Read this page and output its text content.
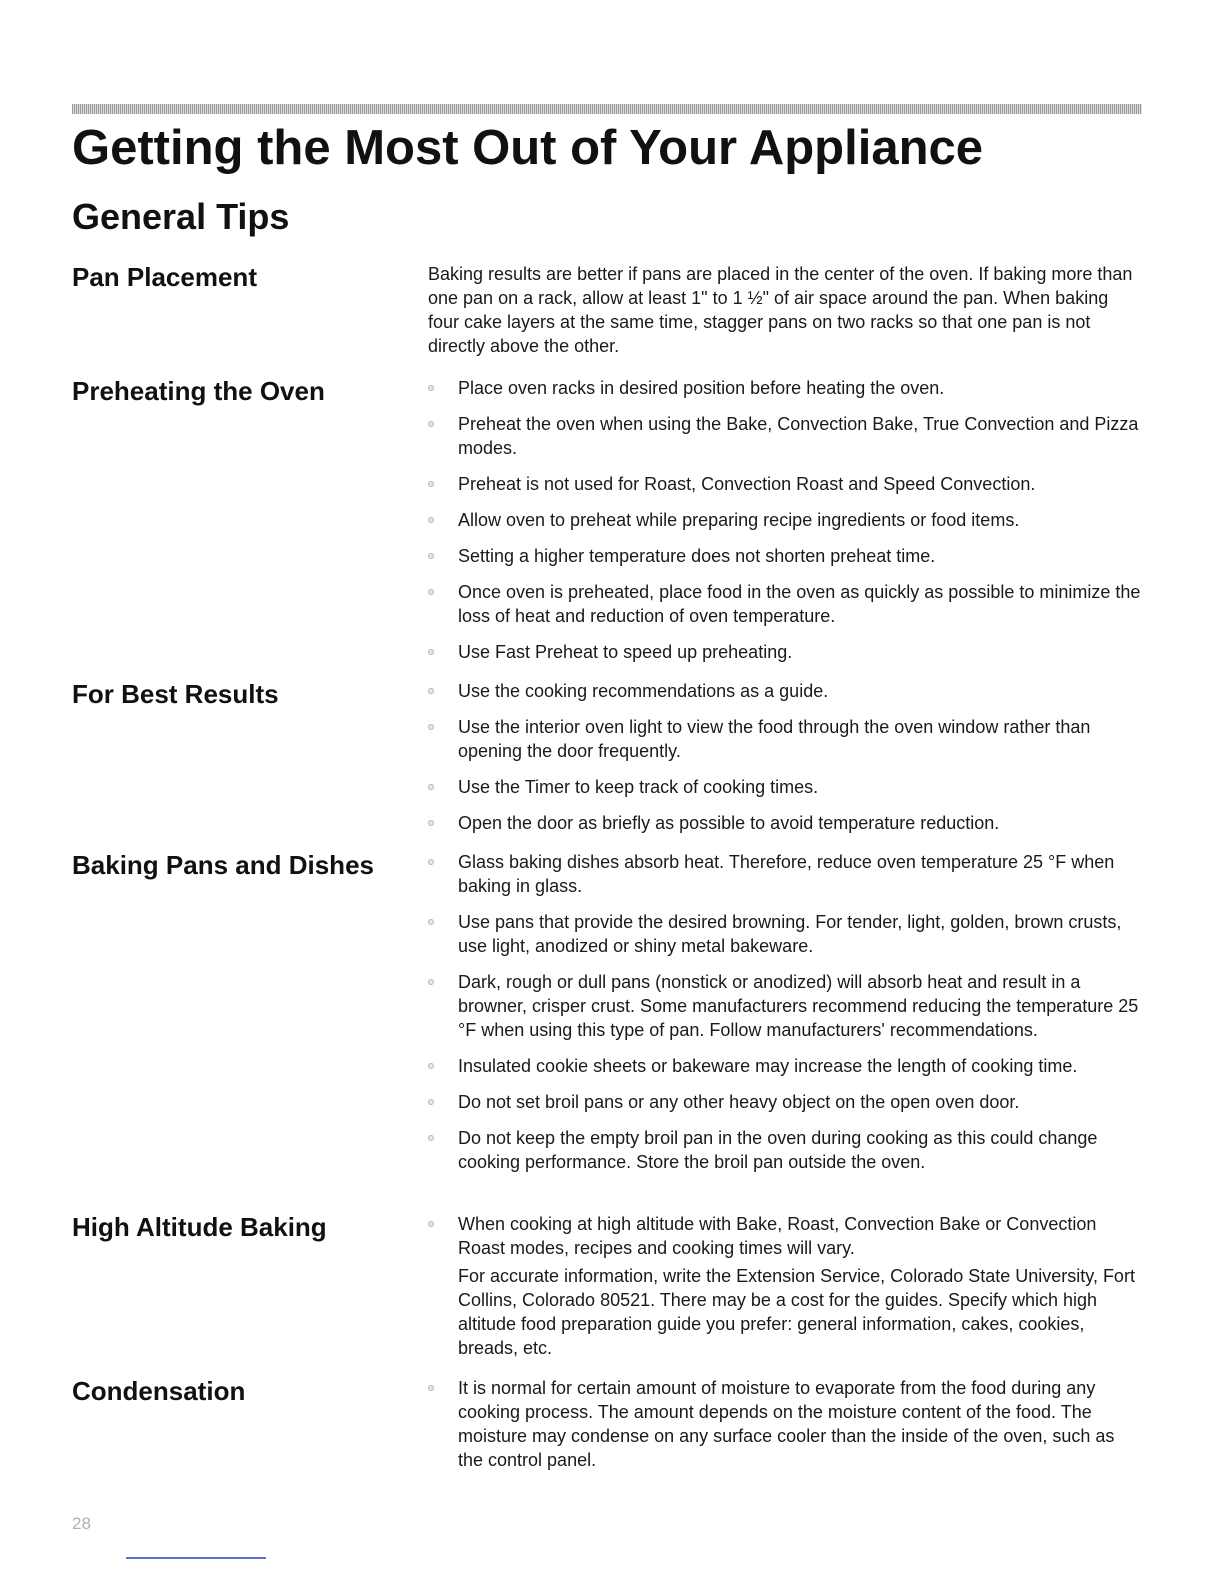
Getting the Most Out of Your Appliance
General Tips
Pan Placement	Baking results are better if pans are placed in the center of the oven. If baking more than one pan on a rack, allow at least 1" to 1 ½" of air space around the pan. When baking four cake layers at the same time, stagger pans on two racks so that one pan is not directly above the other.

Preheating the Oven	Place oven racks in desired position before heating the oven.
Preheat the oven when using the Bake, Convection Bake, True Convection and Pizza modes.
Preheat is not used for Roast, Convection Roast and Speed Convection.
Allow oven to preheat while preparing recipe ingredients or food items.
Setting a higher temperature does not shorten preheat time.
Once oven is preheated, place food in the oven as quickly as possible to minimize the loss of heat and reduction of oven temperature.
Use Fast Preheat to speed up preheating.
For Best Results	Use the cooking recommendations as a guide.
Use the interior oven light to view the food through the oven window rather than opening the door frequently.
Use the Timer to keep track of cooking times.
Open the door as briefly as possible to avoid temperature reduction.
Baking Pans and Dishes	Glass baking dishes absorb heat. Therefore, reduce oven temperature 25 °F when baking in glass.
Use pans that provide the desired browning. For tender, light, golden, brown crusts, use light, anodized or shiny metal bakeware.
Dark, rough or dull pans (nonstick or anodized) will absorb heat and result in a browner, crisper crust. Some manufacturers recommend reducing the temperature 25 °F when using this type of pan. Follow manufacturers' recommendations.
Insulated cookie sheets or bakeware may increase the length of cooking time.
Do not set broil pans or any other heavy object on the open oven door.
Do not keep the empty broil pan in the oven during cooking as this could change cooking performance. Store the broil pan outside the oven.
High Altitude Baking	When cooking at high altitude with Bake, Roast, Convection Bake or Convection Roast modes, recipes and cooking times will vary.

For accurate information, write the Extension Service, Colorado State University, Fort Collins, Colorado 80521. There may be a cost for the guides. Specify which high altitude food preparation guide you prefer: general information, cakes, cookies, breads, etc.

Condensation	It is normal for certain amount of moisture to evaporate from the food during any cooking process. The amount depends on the moisture content of the food. The moisture may condense on any surface cooler than the inside of the oven, such as the control panel.
28
